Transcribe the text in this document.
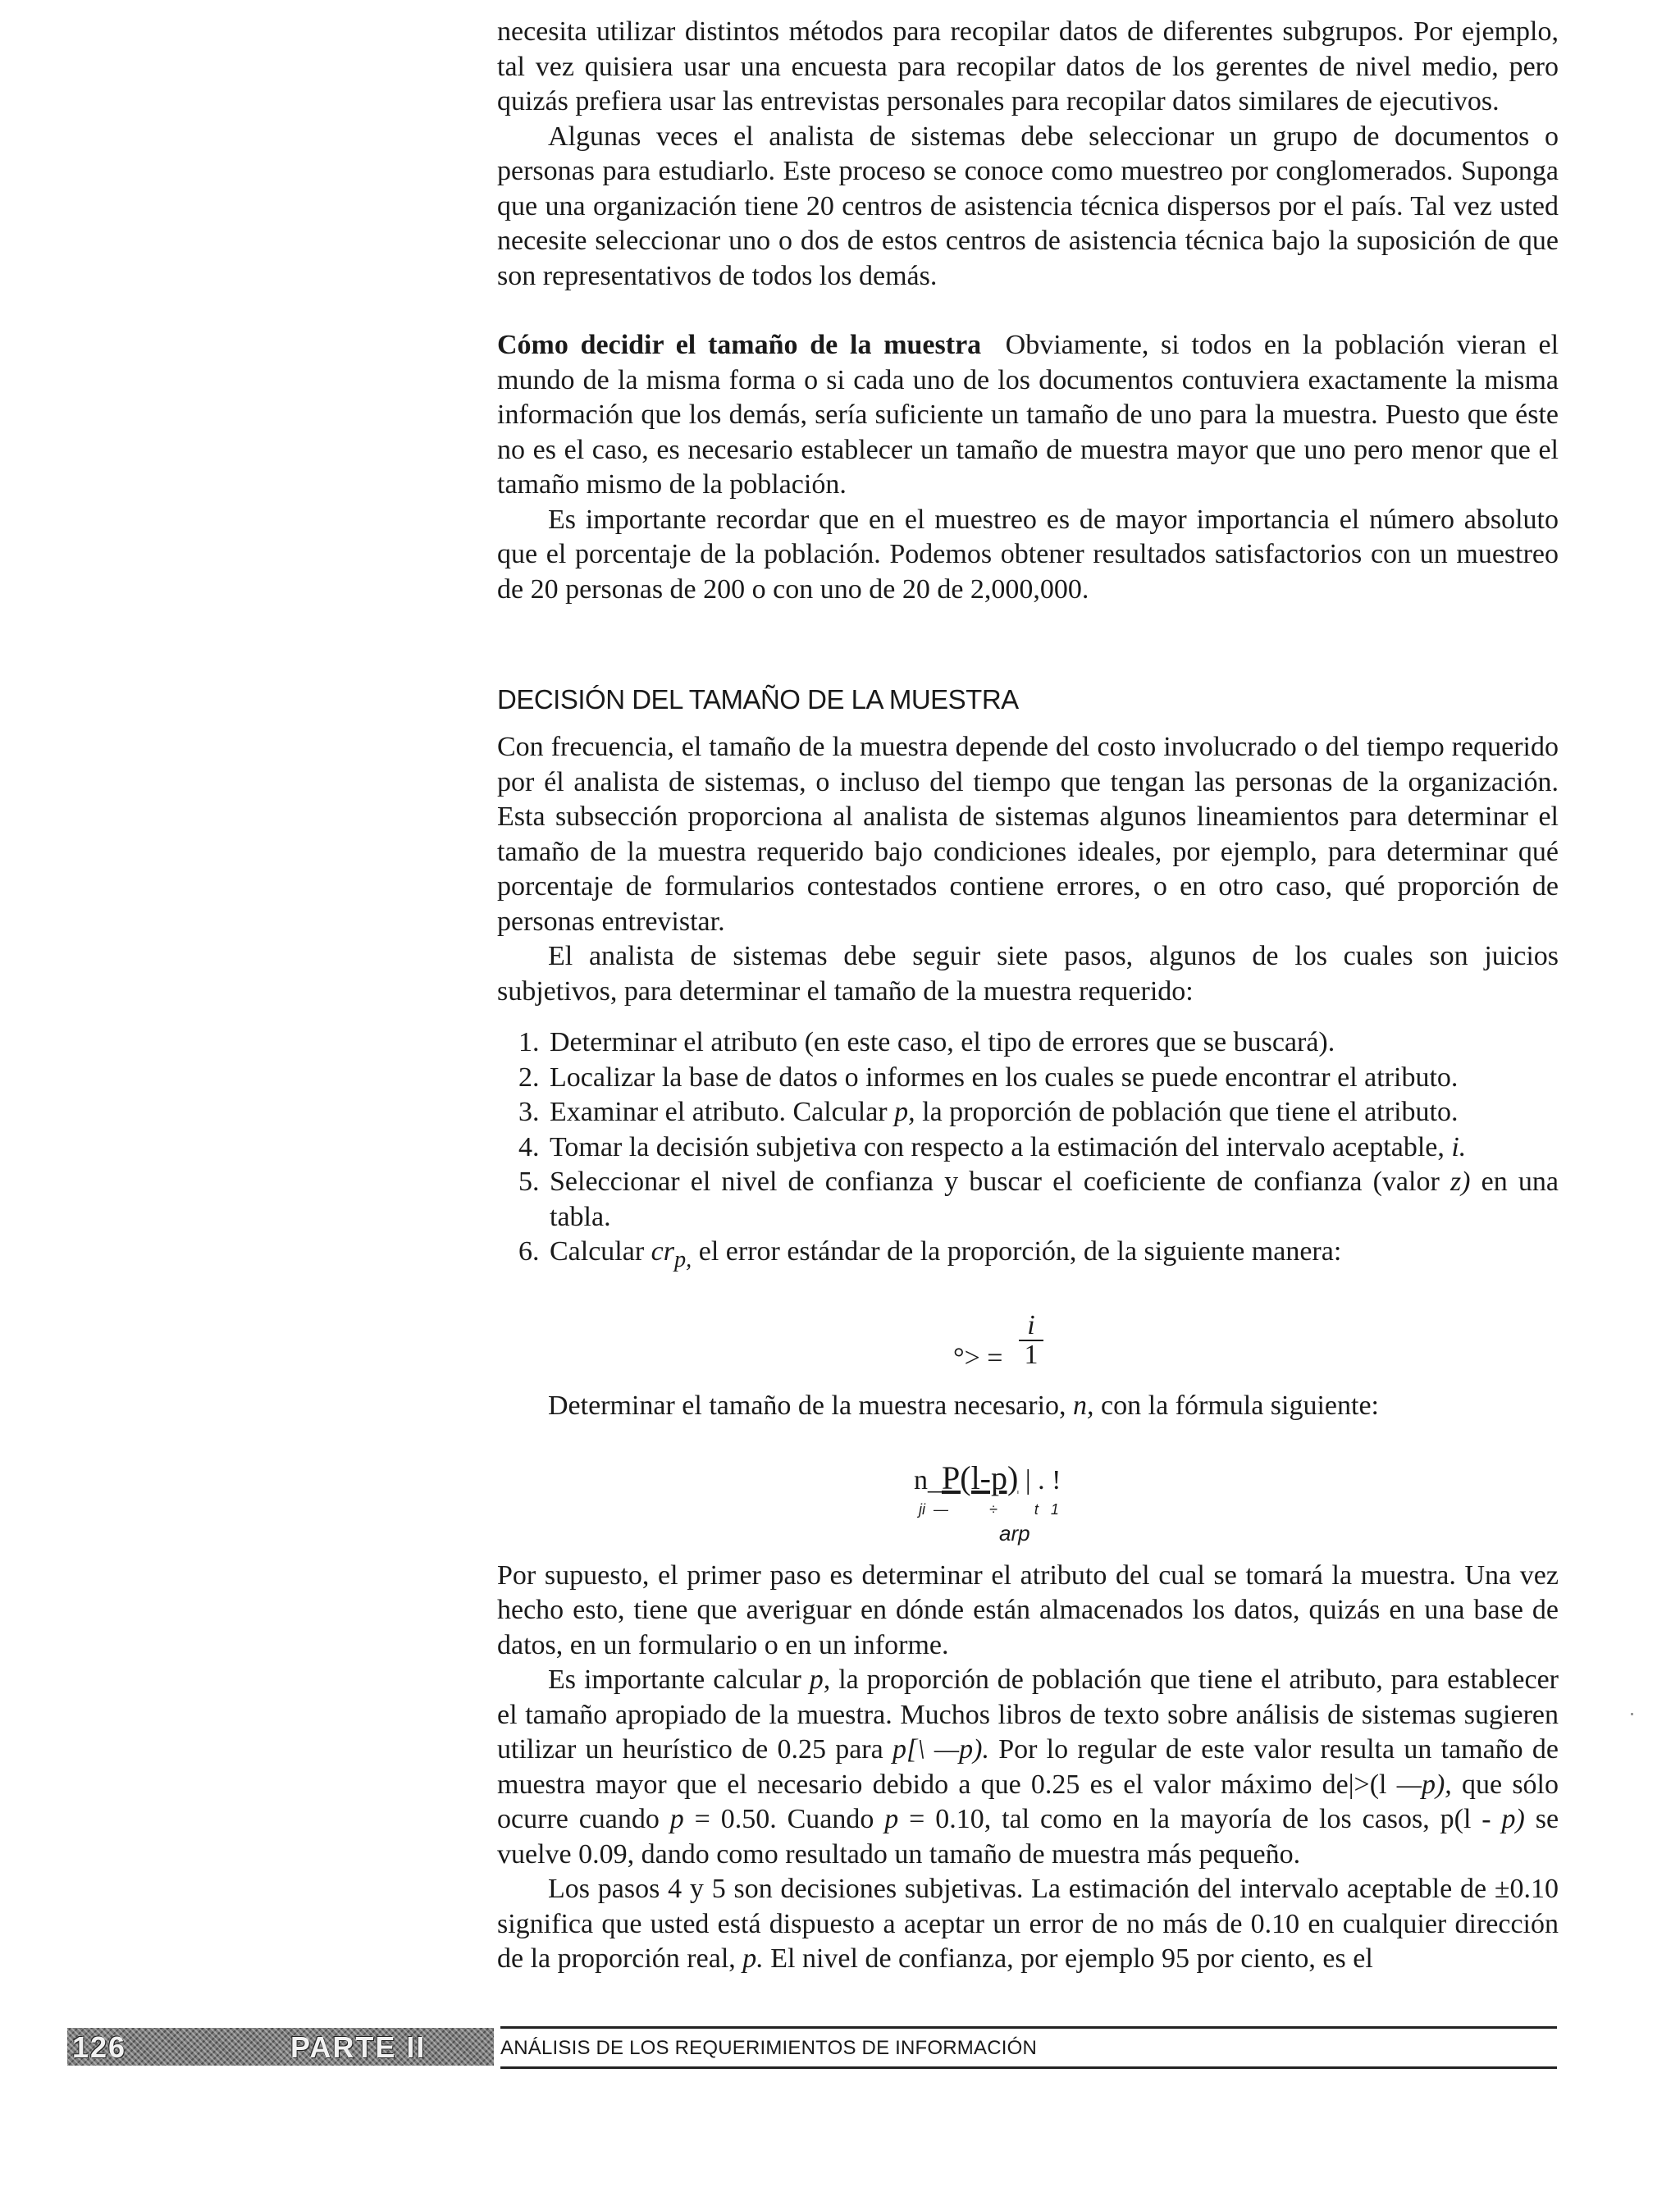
necesita utilizar distintos métodos para recopilar datos de diferentes subgrupos. Por ejemplo, tal vez quisiera usar una encuesta para recopilar datos de los gerentes de nivel medio, pero quizás prefiera usar las entrevistas personales para recopilar datos similares de ejecutivos.

Algunas veces el analista de sistemas debe seleccionar un grupo de documentos o personas para estudiarlo. Este proceso se conoce como muestreo por conglomerados. Suponga que una organización tiene 20 centros de asistencia técnica dispersos por el país. Tal vez usted necesite seleccionar uno o dos de estos centros de asistencia técnica bajo la suposición de que son representativos de todos los demás.

Cómo decidir el tamaño de la muestra Obviamente, si todos en la población vieran el mundo de la misma forma o si cada uno de los documentos contuviera exactamente la misma información que los demás, sería suficiente un tamaño de uno para la muestra. Puesto que éste no es el caso, es necesario establecer un tamaño de muestra mayor que uno pero menor que el tamaño mismo de la población.

Es importante recordar que en el muestreo es de mayor importancia el número absoluto que el porcentaje de la población. Podemos obtener resultados satisfactorios con un muestreo de 20 personas de 200 o con uno de 20 de 2,000,000.

DECISIÓN DEL TAMAÑO DE LA MUESTRA

Con frecuencia, el tamaño de la muestra depende del costo involucrado o del tiempo requerido por él analista de sistemas, o incluso del tiempo que tengan las personas de la organización. Esta subsección proporciona al analista de sistemas algunos lineamientos para determinar el tamaño de la muestra requerido bajo condiciones ideales, por ejemplo, para determinar qué porcentaje de formularios contestados contiene errores, o en otro caso, qué proporción de personas entrevistar.

El analista de sistemas debe seguir siete pasos, algunos de los cuales son juicios subjetivos, para determinar el tamaño de la muestra requerido:

1. Determinar el atributo (en este caso, el tipo de errores que se buscará).
2. Localizar la base de datos o informes en los cuales se puede encontrar el atributo.
3. Examinar el atributo. Calcular p, la proporción de población que tiene el atributo.
4. Tomar la decisión subjetiva con respecto a la estimación del intervalo aceptable, i.
5. Seleccionar el nivel de confianza y buscar el coeficiente de confianza (valor z) en una tabla.
6. Calcular $cr_{p,}$ el error estándar de la proporción, de la siguiente manera:
°> = $\frac{i}{1}$

Determinar el tamaño de la muestra necesario, n, con la fórmula siguiente:

n_P(l-p) | . !
ji  —          ÷         t   1
arp

Por supuesto, el primer paso es determinar el atributo del cual se tomará la muestra. Una vez hecho esto, tiene que averiguar en dónde están almacenados los datos, quizás en una base de datos, en un formulario o en un informe.

Es importante calcular p, la proporción de población que tiene el atributo, para establecer el tamaño apropiado de la muestra. Muchos libros de texto sobre análisis de sistemas sugieren utilizar un heurístico de 0.25 para p[\ —p). Por lo regular de este valor resulta un tamaño de muestra mayor que el necesario debido a que 0.25 es el valor máximo de|>(l —p), que sólo ocurre cuando p = 0.50. Cuando p = 0.10, tal como en la mayoría de los casos, p(l - p) se vuelve 0.09, dando como resultado un tamaño de muestra más pequeño.

Los pasos 4 y 5 son decisiones subjetivas. La estimación del intervalo aceptable de ±0.10 significa que usted está dispuesto a aceptar un error de no más de 0.10 en cualquier dirección de la proporción real, p. El nivel de confianza, por ejemplo 95 por ciento, es el

126	PARTE II	ANÁLISIS DE LOS REQUERIMIENTOS DE INFORMACIÓN
